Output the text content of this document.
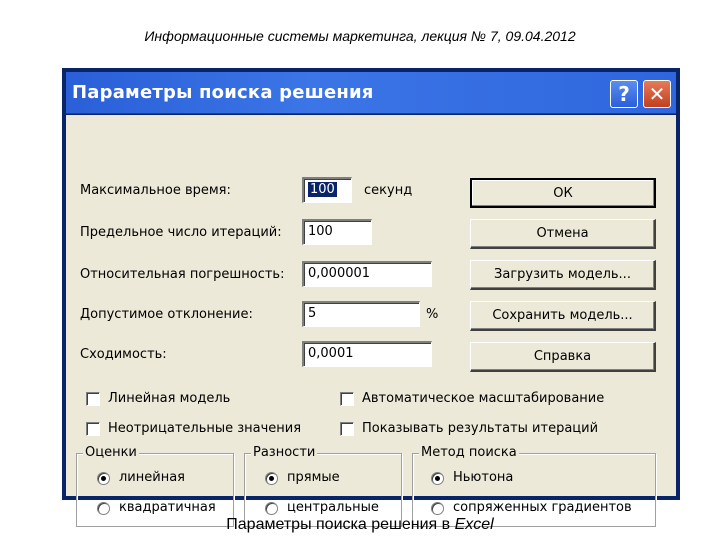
Информационные системы маркетинга, лекция № 7, 09.04.2012
Параметры поиска решения	? ✕
Максимальное время:	100	секунд
Предельное число итераций:	100
Относительная погрешность:	0,000001
Допустимое отклонение:	5	%
Сходимость:	0,0001
ОК
Отмена
Загрузить модель...
Сохранить модель...
Справка
Линейная модель	Автоматическое масштабирование
Неотрицательные значения	Показывать результаты итераций
Оценки
линейная
квадратичная
Разности
прямые
центральные
Метод поиска
Ньютона
сопряженных градиентов
Параметры поиска решения в Excel
